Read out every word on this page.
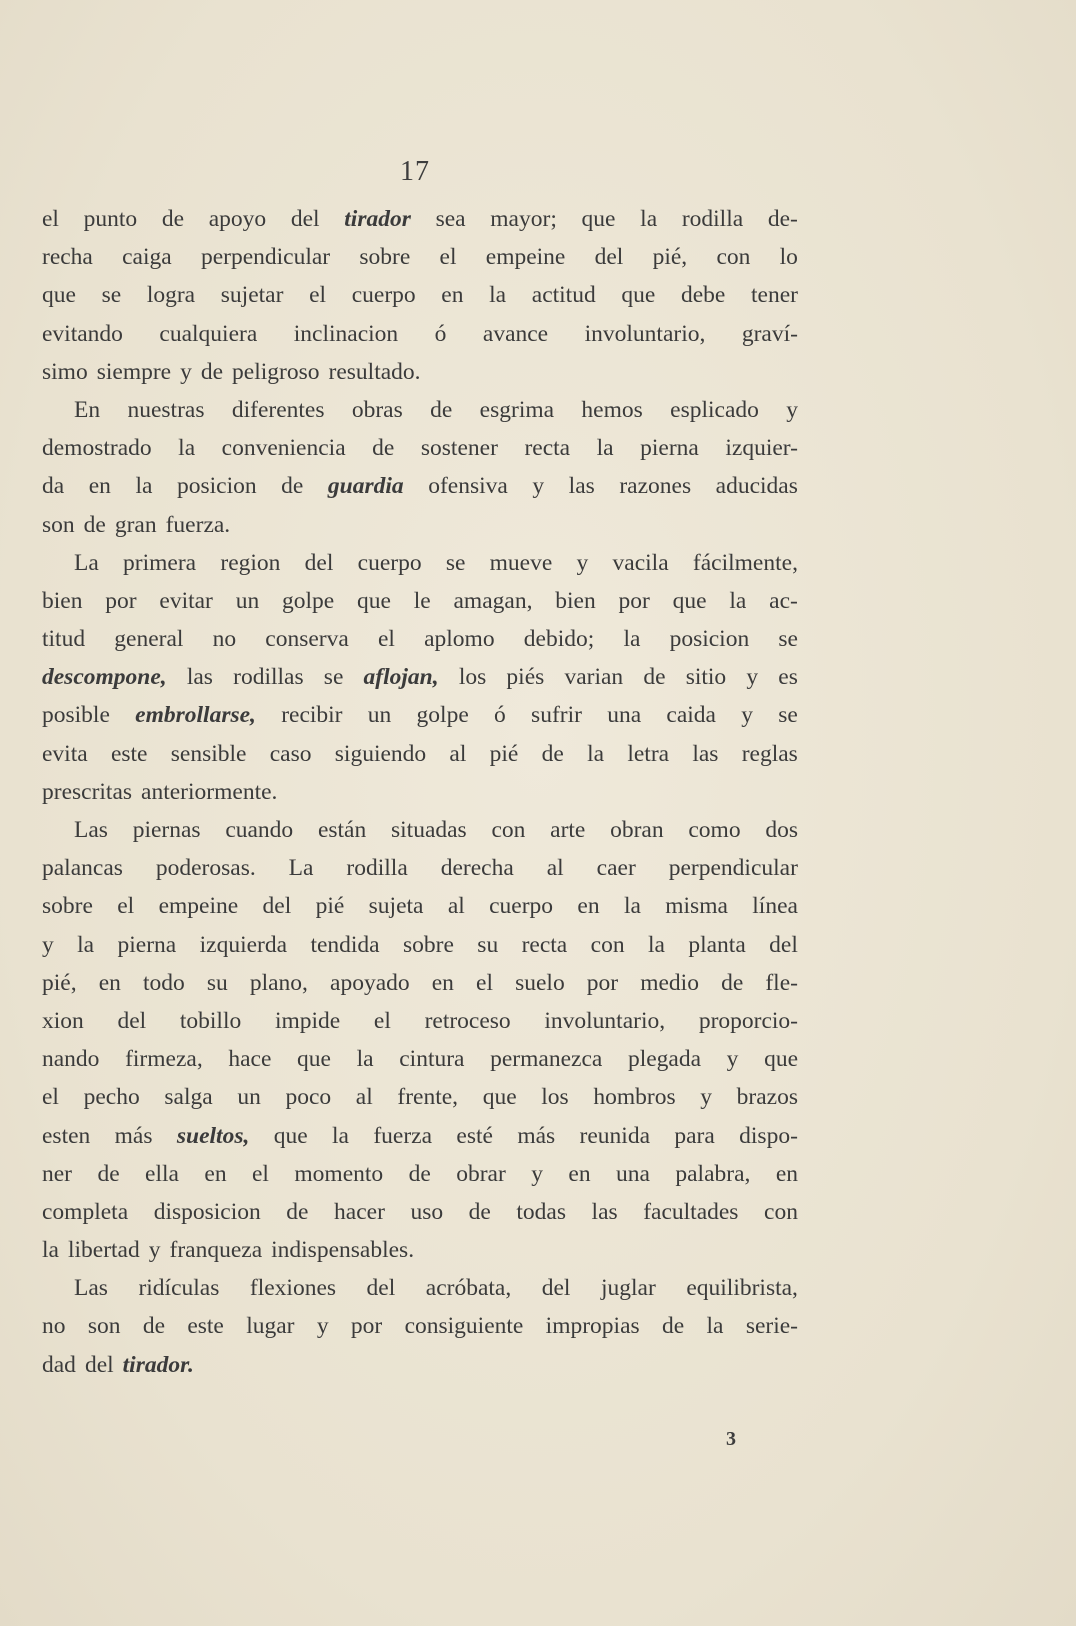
17
el punto de apoyo del tirador sea mayor; que la rodilla de-
recha caiga perpendicular sobre el empeine del pié, con lo
que se logra sujetar el cuerpo en la actitud que debe tener
evitando cualquiera inclinacion ó avance involuntario, graví-
simo siempre y de peligroso resultado.
En nuestras diferentes obras de esgrima hemos esplicado y
demostrado la conveniencia de sostener recta la pierna izquier-
da en la posicion de guardia ofensiva y las razones aducidas
son de gran fuerza.
La primera region del cuerpo se mueve y vacila fácilmente,
bien por evitar un golpe que le amagan, bien por que la ac-
titud general no conserva el aplomo debido; la posicion se
descompone, las rodillas se aflojan, los piés varian de sitio y es
posible embrollarse, recibir un golpe ó sufrir una caida y se
evita este sensible caso siguiendo al pié de la letra las reglas
prescritas anteriormente.
Las piernas cuando están situadas con arte obran como dos
palancas poderosas. La rodilla derecha al caer perpendicular
sobre el empeine del pié sujeta al cuerpo en la misma línea
y la pierna izquierda tendida sobre su recta con la planta del
pié, en todo su plano, apoyado en el suelo por medio de fle-
xion del tobillo impide el retroceso involuntario, proporcio-
nando firmeza, hace que la cintura permanezca plegada y que
el pecho salga un poco al frente, que los hombros y brazos
esten más sueltos, que la fuerza esté más reunida para dispo-
ner de ella en el momento de obrar y en una palabra, en
completa disposicion de hacer uso de todas las facultades con
la libertad y franqueza indispensables.
Las ridículas flexiones del acróbata, del juglar equilibrista,
no son de este lugar y por consiguiente impropias de la serie-
dad del tirador.
3
